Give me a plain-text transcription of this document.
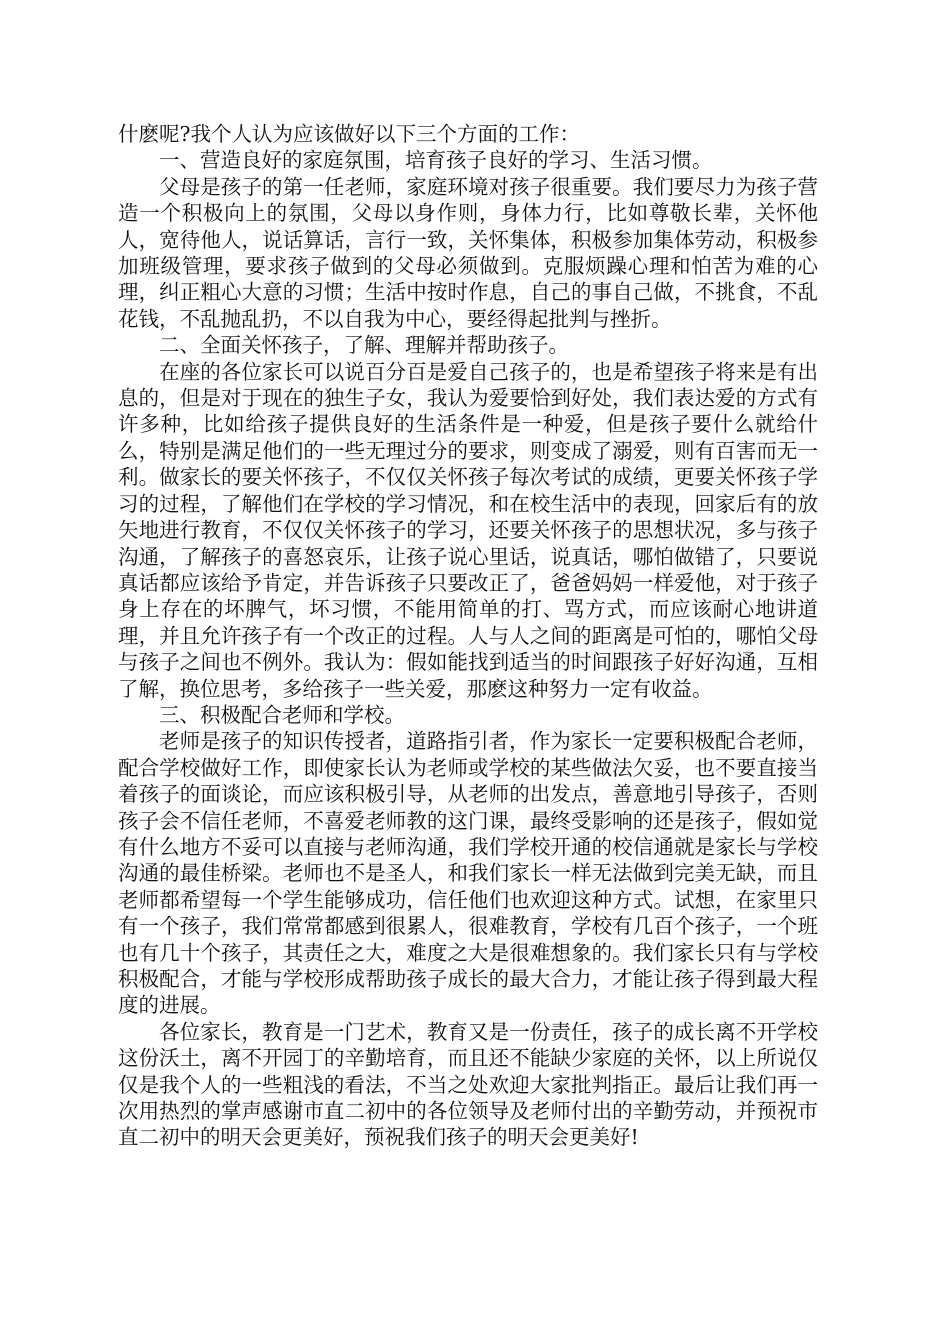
什麽呢?我个人认为应该做好以下三个方面的工作：

一、营造良好的家庭氛围，培育孩子良好的学习、生活习惯。

父母是孩子的第一任老师，家庭环境对孩子很重要。我们要尽力为孩子营造一个积极向上的氛围，父母以身作则，身体力行，比如尊敬长辈，关怀他人，宽待他人，说话算话，言行一致，关怀集体，积极参加集体劳动，积极参加班级管理，要求孩子做到的父母必须做到。克服烦躁心理和怕苦为难的心理，纠正粗心大意的习惯；生活中按时作息，自己的事自己做，不挑食，不乱花钱，不乱抛乱扔，不以自我为中心，要经得起批判与挫折。

二、全面关怀孩子，了解、理解并帮助孩子。

在座的各位家长可以说百分百是爱自己孩子的，也是希望孩子将来是有出息的，但是对于现在的独生子女，我认为爱要恰到好处，我们表达爱的方式有许多种，比如给孩子提供良好的生活条件是一种爱，但是孩子要什么就给什么，特别是满足他们的一些无理过分的要求，则变成了溺爱，则有百害而无一利。做家长的要关怀孩子，不仅仅关怀孩子每次考试的成绩，更要关怀孩子学习的过程，了解他们在学校的学习情况，和在校生活中的表现，回家后有的放矢地进行教育，不仅仅关怀孩子的学习，还要关怀孩子的思想状况，多与孩子沟通，了解孩子的喜怒哀乐，让孩子说心里话，说真话，哪怕做错了，只要说真话都应该给予肯定，并告诉孩子只要改正了，爸爸妈妈一样爱他，对于孩子身上存在的坏脾气，坏习惯，不能用简单的打、骂方式，而应该耐心地讲道理，并且允许孩子有一个改正的过程。人与人之间的距离是可怕的，哪怕父母与孩子之间也不例外。我认为：假如能找到适当的时间跟孩子好好沟通，互相了解，换位思考，多给孩子一些关爱，那麽这种努力一定有收益。

三、积极配合老师和学校。

老师是孩子的知识传授者，道路指引者，作为家长一定要积极配合老师，配合学校做好工作，即使家长认为老师或学校的某些做法欠妥，也不要直接当着孩子的面谈论，而应该积极引导，从老师的出发点，善意地引导孩子，否则孩子会不信任老师，不喜爱老师教的这门课，最终受影响的还是孩子，假如觉有什么地方不妥可以直接与老师沟通，我们学校开通的校信通就是家长与学校沟通的最佳桥梁。老师也不是圣人，和我们家长一样无法做到完美无缺，而且老师都希望每一个学生能够成功，信任他们也欢迎这种方式。试想，在家里只有一个孩子，我们常常都感到很累人，很难教育，学校有几百个孩子，一个班也有几十个孩子，其责任之大，难度之大是很难想象的。我们家长只有与学校积极配合，才能与学校形成帮助孩子成长的最大合力，才能让孩子得到最大程度的进展。

各位家长，教育是一门艺术，教育又是一份责任，孩子的成长离不开学校这份沃土，离不开园丁的辛勤培育，而且还不能缺少家庭的关怀，以上所说仅仅是我个人的一些粗浅的看法，不当之处欢迎大家批判指正。最后让我们再一次用热烈的掌声感谢市直二初中的各位领导及老师付出的辛勤劳动，并预祝市直二初中的明天会更美好，预祝我们孩子的明天会更美好!
